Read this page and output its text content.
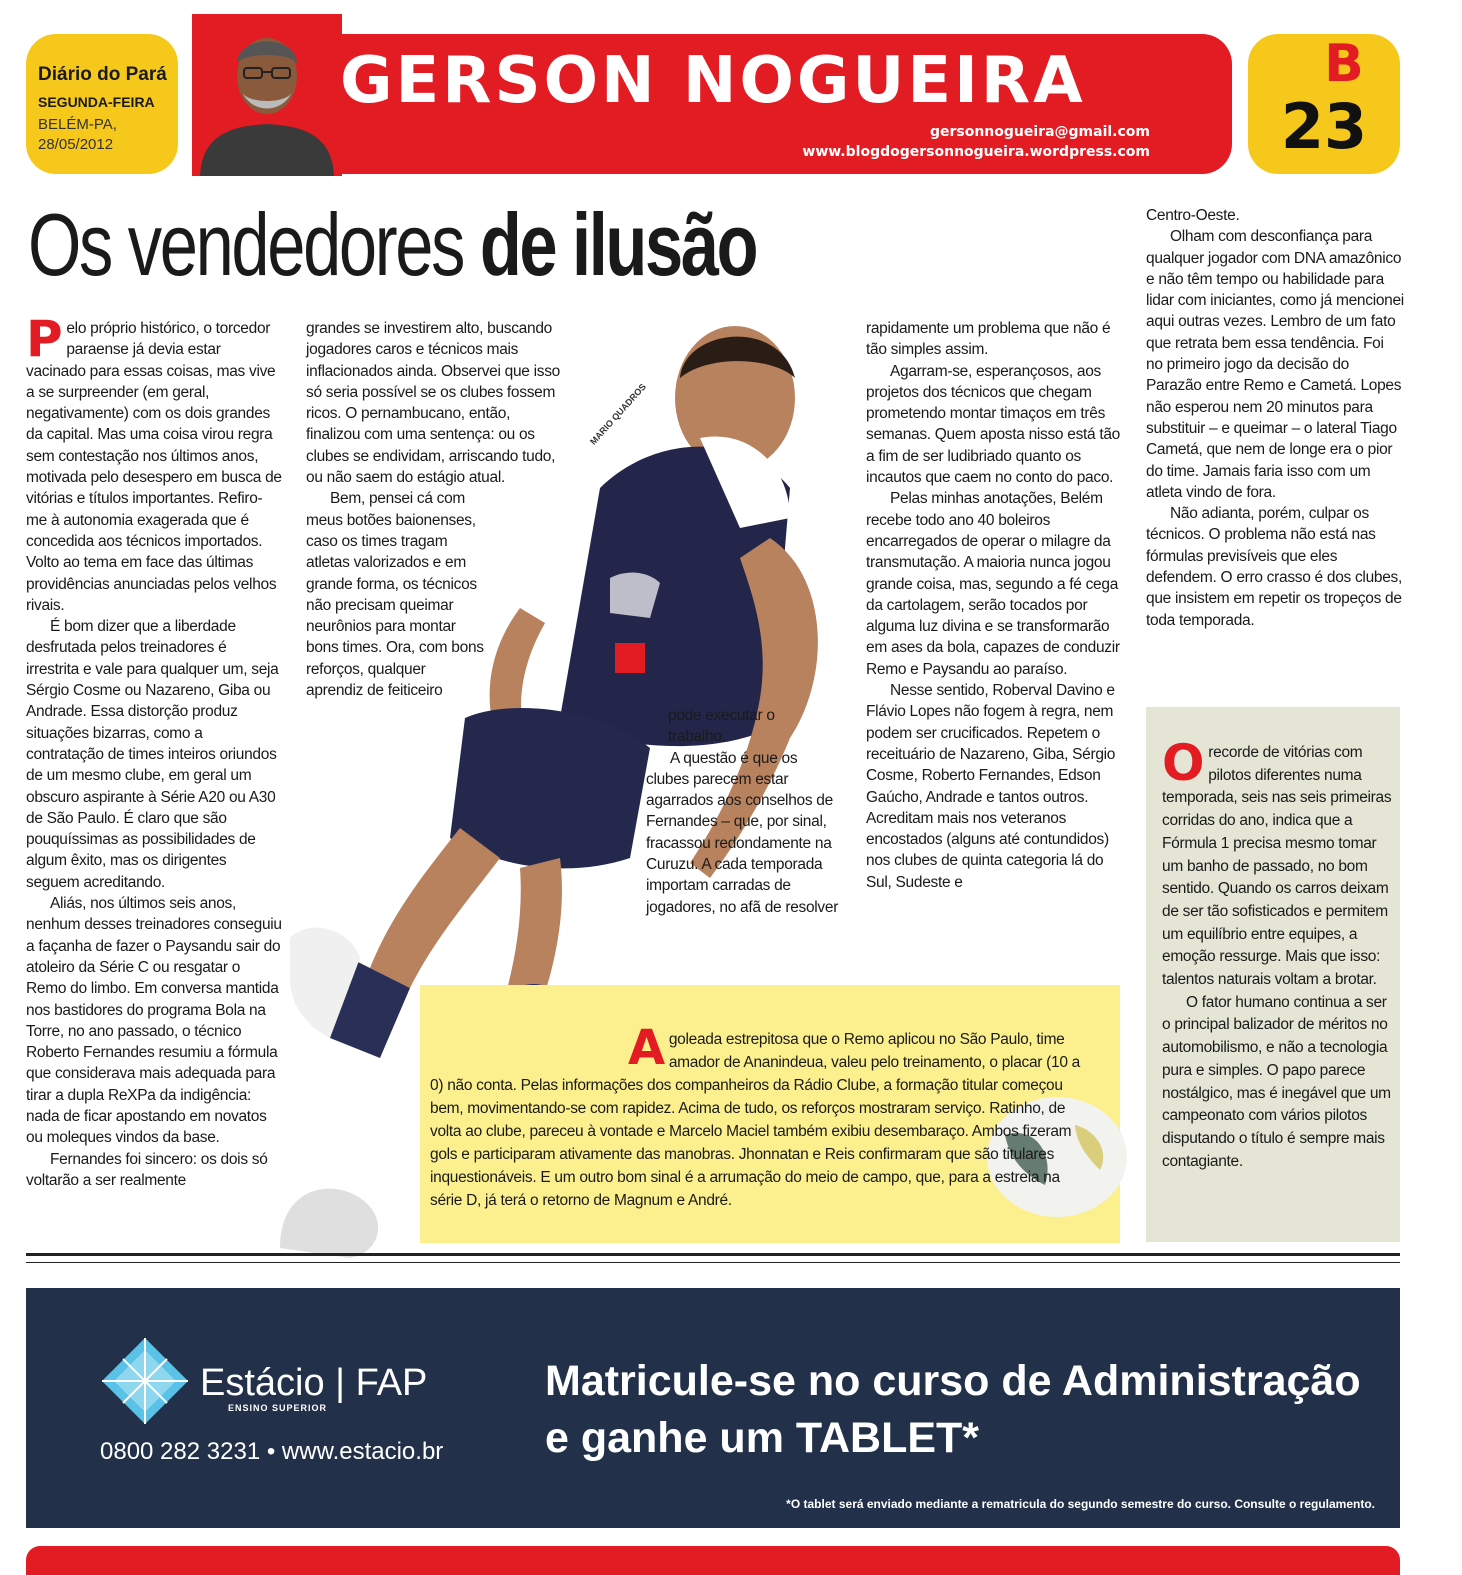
Diário do Pará
SEGUNDA-FEIRA
BELÉM-PA,
28/05/2012
GERSON NOGUEIRA
gersonnogueira@gmail.com
www.blogdogersonnogueira.wordpress.com
B
23
Os vendedores de ilusão
MARIO QUADROS

Pelo próprio histórico, o torcedor paraense já devia estar vacinado para essas coisas, mas vive a se surpreender (em geral, negativamente) com os dois grandes da capital. Mas uma coisa virou regra sem contestação nos últimos anos, motivada pelo desespero em busca de vitórias e títulos importantes. Refiro-me à autonomia exagerada que é concedida aos técnicos importados. Volto ao tema em face das últimas providências anunciadas pelos velhos rivais.

É bom dizer que a liberdade desfrutada pelos treinadores é irrestrita e vale para qualquer um, seja Sérgio Cosme ou Nazareno, Giba ou Andrade. Essa distorção produz situações bizarras, como a contratação de times inteiros oriundos de um mesmo clube, em geral um obscuro aspirante à Série A20 ou A30 de São Paulo. É claro que são pouquíssimas as possibilidades de algum êxito, mas os dirigentes seguem acreditando.

Aliás, nos últimos seis anos, nenhum desses treinadores conseguiu a façanha de fazer o Paysandu sair do atoleiro da Série C ou resgatar o Remo do limbo. Em conversa mantida nos bastidores do programa Bola na Torre, no ano passado, o técnico Roberto Fernandes resumiu a fórmula que considerava mais adequada para tirar a dupla ReXPa da indigência: nada de ficar apostando em novatos ou moleques vindos da base.

Fernandes foi sincero: os dois só voltarão a ser realmente

grandes se investirem alto, buscando jogadores caros e técnicos mais inflacionados ainda. Observei que isso só seria possível se os clubes fossem ricos. O pernambucano, então, finalizou com uma sentença: ou os clubes se endividam, arriscando tudo, ou não saem do estágio atual.

Bem, pensei cá com meus botões baionenses, caso os times tragam atletas valorizados e em grande forma, os técnicos não precisam queimar neurônios para montar bons times. Ora, com bons reforços, qualquer aprendiz de feiticeiro

pode executar o trabalho.

A questão é que os clubes parecem estar agarrados aos conselhos de Fernandes – que, por sinal, fracassou redondamente na Curuzu. A cada temporada importam carradas de jogadores, no afã de resolver

rapidamente um problema que não é tão simples assim.

Agarram-se, esperançosos, aos projetos dos técnicos que chegam prometendo montar timaços em três semanas. Quem aposta nisso está tão a fim de ser ludibriado quanto os incautos que caem no conto do paco.

Pelas minhas anotações, Belém recebe todo ano 40 boleiros encarregados de operar o milagre da transmutação. A maioria nunca jogou grande coisa, mas, segundo a fé cega da cartolagem, serão tocados por alguma luz divina e se transformarão em ases da bola, capazes de conduzir Remo e Paysandu ao paraíso.

Nesse sentido, Roberval Davino e Flávio Lopes não fogem à regra, nem podem ser crucificados. Repetem o receituário de Nazareno, Giba, Sérgio Cosme, Roberto Fernandes, Edson Gaúcho, Andrade e tantos outros. Acreditam mais nos veteranos encostados (alguns até contundidos) nos clubes de quinta categoria lá do Sul, Sudeste e

Centro-Oeste.

Olham com desconfiança para qualquer jogador com DNA amazônico e não têm tempo ou habilidade para lidar com iniciantes, como já mencionei aqui outras vezes. Lembro de um fato que retrata bem essa tendência. Foi no primeiro jogo da decisão do Parazão entre Remo e Cametá. Lopes não esperou nem 20 minutos para substituir – e queimar – o lateral Tiago Cametá, que nem de longe era o pior do time. Jamais faria isso com um atleta vindo de fora.

Não adianta, porém, culpar os técnicos. O problema não está nas fórmulas previsíveis que eles defendem. O erro crasso é dos clubes, que insistem em repetir os tropeços de toda temporada.

Agoleada estrepitosa que o Remo aplicou no São Paulo, time amador de Ananindeua, valeu pelo treinamento, o placar (10 a 0) não conta. Pelas informações dos companheiros da Rádio Clube, a formação titular começou bem, movimentando-se com rapidez. Acima de tudo, os reforços mostraram serviço. Ratinho, de volta ao clube, pareceu à vontade e Marcelo Maciel também exibiu desembaraço. Ambos fizeram gols e participaram ativamente das manobras. Jhonnatan e Reis confirmaram que são titulares inquestionáveis. E um outro bom sinal é a arrumação do meio de campo, que, para a estreia na série D, já terá o retorno de Magnum e André.

Orecorde de vitórias com pilotos diferentes numa temporada, seis nas seis primeiras corridas do ano, indica que a Fórmula 1 precisa mesmo tomar um banho de passado, no bom sentido. Quando os carros deixam de ser tão sofisticados e permitem um equilíbrio entre equipes, a emoção ressurge. Mais que isso: talentos naturais voltam a brotar.

O fator humano continua a ser o principal balizador de méritos no automobilismo, e não a tecnologia pura e simples. O papo parece nostálgico, mas é inegável que um campeonato com vários pilotos disputando o título é sempre mais contagiante.

Estácio | FAP
ENSINO SUPERIOR
0800 282 3231 • www.estacio.br
Matricule-se no curso de Administração
e ganhe um TABLET*
*O tablet será enviado mediante a rematricula do segundo semestre do curso. Consulte o regulamento.
